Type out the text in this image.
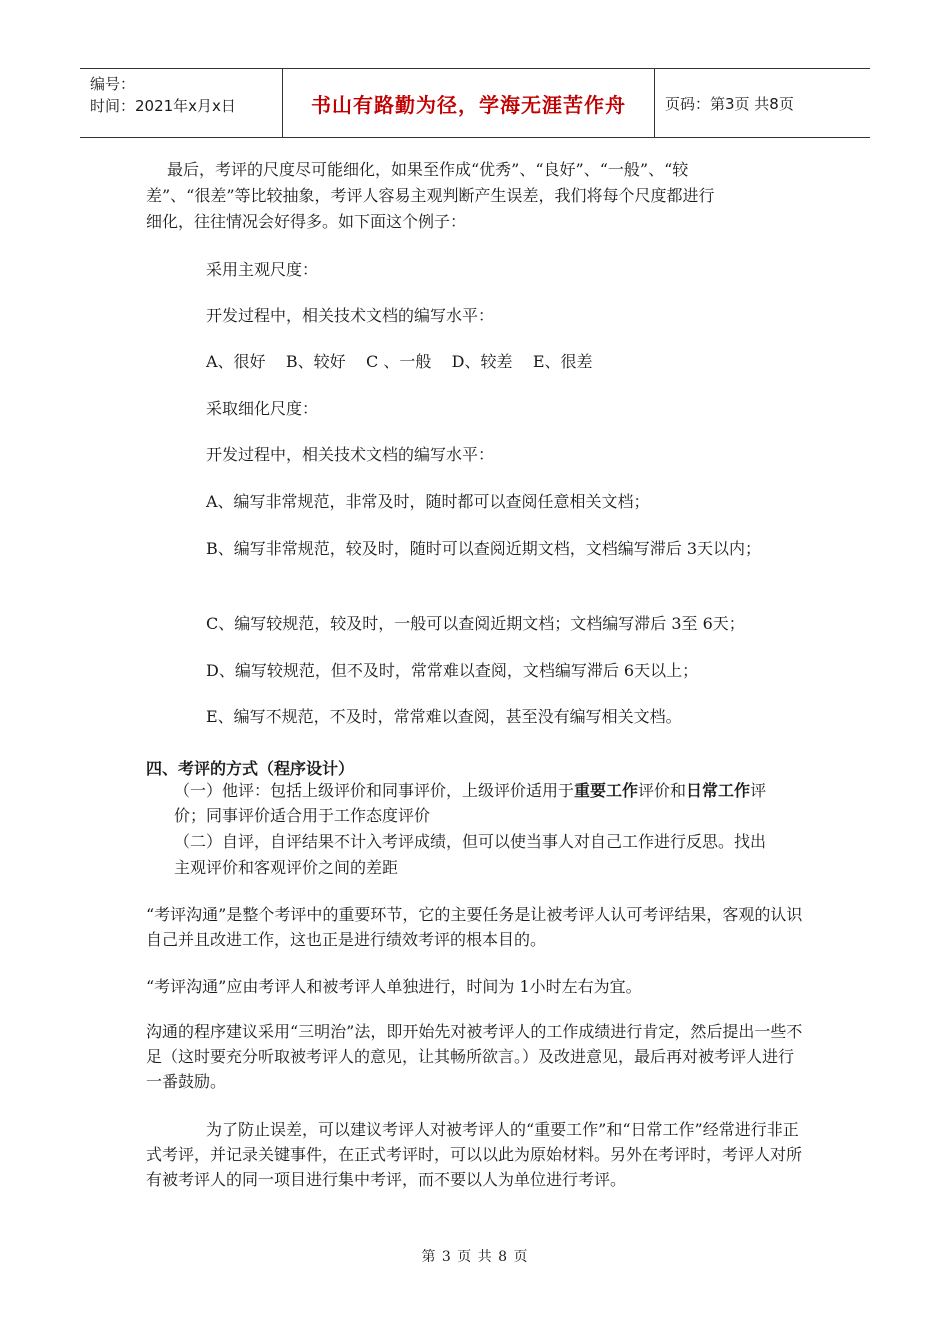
编号：
时间：2021年x月x日	书山有路勤为径，学海无涯苦作舟	页码：第3页 共8页
最后，考评的尺度尽可能细化，如果至作成“优秀”、“良好”、“一般”、“较
差”、“很差”等比较抽象，考评人容易主观判断产生误差，我们将每个尺度都进行
细化，往往情况会好得多。如下面这个例子：
采用主观尺度：
开发过程中，相关技术文档的编写水平：
A、很好    B、较好    C 、一般    D、较差    E、很差
采取细化尺度：
开发过程中，相关技术文档的编写水平：
A、编写非常规范，非常及时，随时都可以查阅任意相关文档；
B、编写非常规范，较及时，随时可以查阅近期文档，文档编写滞后 3天以内；
C、编写较规范，较及时，一般可以查阅近期文档；文档编写滞后 3至 6天；
D、编写较规范，但不及时，常常难以查阅，文档编写滞后 6天以上；
E、编写不规范，不及时，常常难以查阅，甚至没有编写相关文档。
四、考评的方式（程序设计）
（一）他评：包括上级评价和同事评价，上级评价适用于重要工作评价和日常工作评
价；同事评价适合用于工作态度评价
（二）自评，自评结果不计入考评成绩，但可以使当事人对自己工作进行反思。找出
主观评价和客观评价之间的差距
“考评沟通”是整个考评中的重要环节，它的主要任务是让被考评人认可考评结果，客观的认识自己并且改进工作，这也正是进行绩效考评的根本目的。
“考评沟通”应由考评人和被考评人单独进行，时间为 1小时左右为宜。
沟通的程序建议采用“三明治”法，即开始先对被考评人的工作成绩进行肯定，然后提出一些不足（这时要充分听取被考评人的意见，让其畅所欲言。）及改进意见，最后再对被考评人进行一番鼓励。
为了防止误差，可以建议考评人对被考评人的“重要工作”和“日常工作”经常进行非正式考评，并记录关键事件，在正式考评时，可以以此为原始材料。另外在考评时，考评人对所有被考评人的同一项目进行集中考评，而不要以人为单位进行考评。
第 3 页 共 8 页
